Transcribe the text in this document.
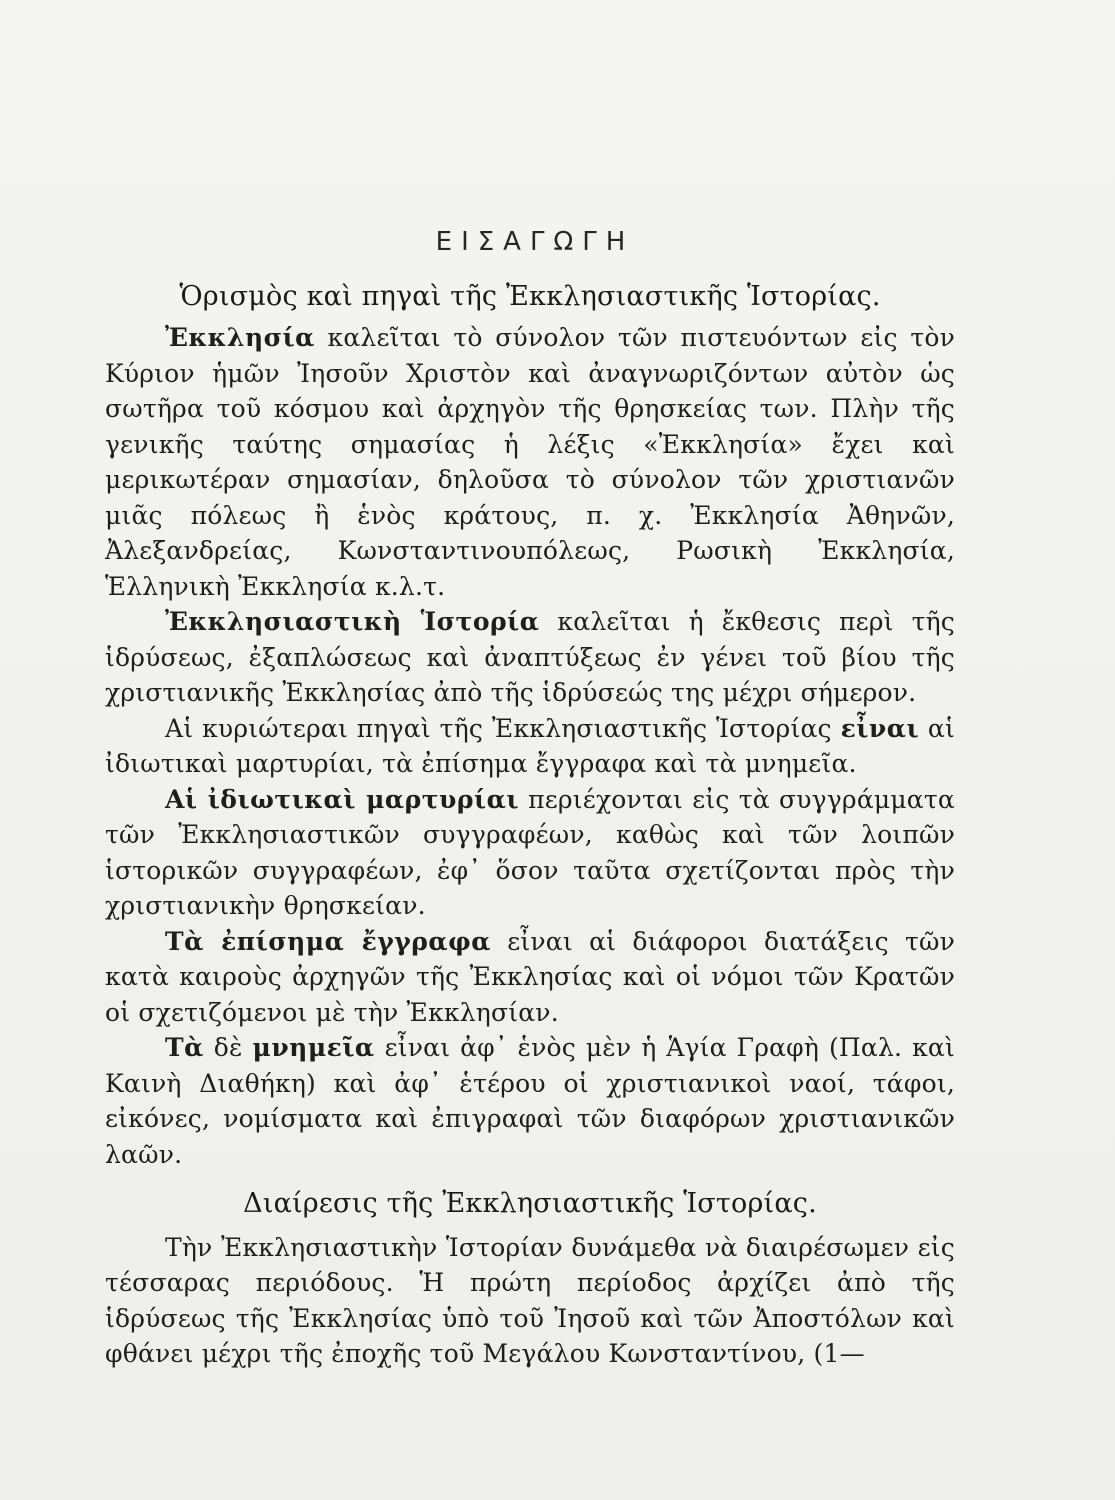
ΕΙΣΑΓΩΓΗ
Ὁρισμὸς καὶ πηγαὶ τῆς Ἐκκλησιαστικῆς Ἱστορίας.

Ἐκκλησία καλεῖται τὸ σύνολον τῶν πιστευόντων εἰς τὸν Κύριον ἡμῶν Ἰησοῦν Χριστὸν καὶ ἀναγνωριζόντων αὐτὸν ὡς σωτῆρα τοῦ κόσμου καὶ ἀρχηγὸν τῆς θρησκείας των. Πλὴν τῆς γενικῆς ταύτης σημασίας ἡ λέξις «Ἐκκλησία» ἔχει καὶ μερικωτέραν σημασίαν, δηλοῦσα τὸ σύνολον τῶν χριστιανῶν μιᾶς πόλεως ἢ ἑνὸς κράτους, π. χ. Ἐκκλησία Ἀθηνῶν, Ἀλεξανδρείας, Κωνσταντινουπόλεως, Ρωσικὴ Ἐκκλησία, Ἑλληνικὴ Ἐκκλησία κ.λ.τ.

Ἐκκλησιαστικὴ Ἱστορία καλεῖται ἡ ἔκθεσις περὶ τῆς ἱδρύσεως, ἐξαπλώσεως καὶ ἀναπτύξεως ἐν γένει τοῦ βίου τῆς χριστιανικῆς Ἐκκλησίας ἀπὸ τῆς ἱδρύσεώς της μέχρι σήμερον.

Αἱ κυριώτεραι πηγαὶ τῆς Ἐκκλησιαστικῆς Ἱστορίας εἶναι αἱ ἰδιωτικαὶ μαρτυρίαι, τὰ ἐπίσημα ἔγγραφα καὶ τὰ μνημεῖα.

Αἱ ἰδιωτικαὶ μαρτυρίαι περιέχονται εἰς τὰ συγγράμματα τῶν Ἐκκλησιαστικῶν συγγραφέων, καθὼς καὶ τῶν λοιπῶν ἱστορικῶν συγγραφέων, ἐφ᾽ ὅσον ταῦτα σχετίζονται πρὸς τὴν χριστιανικὴν θρησκείαν.

Τὰ ἐπίσημα ἔγγραφα εἶναι αἱ διάφοροι διατάξεις τῶν κατὰ καιροὺς ἀρχηγῶν τῆς Ἐκκλησίας καὶ οἱ νόμοι τῶν Κρατῶν οἱ σχετιζόμενοι μὲ τὴν Ἐκκλησίαν.

Τὰ δὲ μνημεῖα εἶναι ἀφ᾽ ἑνὸς μὲν ἡ Ἁγία Γραφὴ (Παλ. καὶ Καινὴ Διαθήκη) καὶ ἀφ᾽ ἑτέρου οἱ χριστιανικοὶ ναοί, τάφοι, εἰκόνες, νομίσματα καὶ ἐπιγραφαὶ τῶν διαφόρων χριστιανικῶν λαῶν.

Διαίρεσις τῆς Ἐκκλησιαστικῆς Ἱστορίας.

Τὴν Ἐκκλησιαστικὴν Ἱστορίαν δυνάμεθα νὰ διαιρέσωμεν εἰς τέσσαρας περιόδους. Ἡ πρώτη περίοδος ἀρχίζει ἀπὸ τῆς ἱδρύσεως τῆς Ἐκκλησίας ὑπὸ τοῦ Ἰησοῦ καὶ τῶν Ἀποστόλων καὶ φθάνει μέχρι τῆς ἐποχῆς τοῦ Μεγάλου Κωνσταντίνου, (1—
